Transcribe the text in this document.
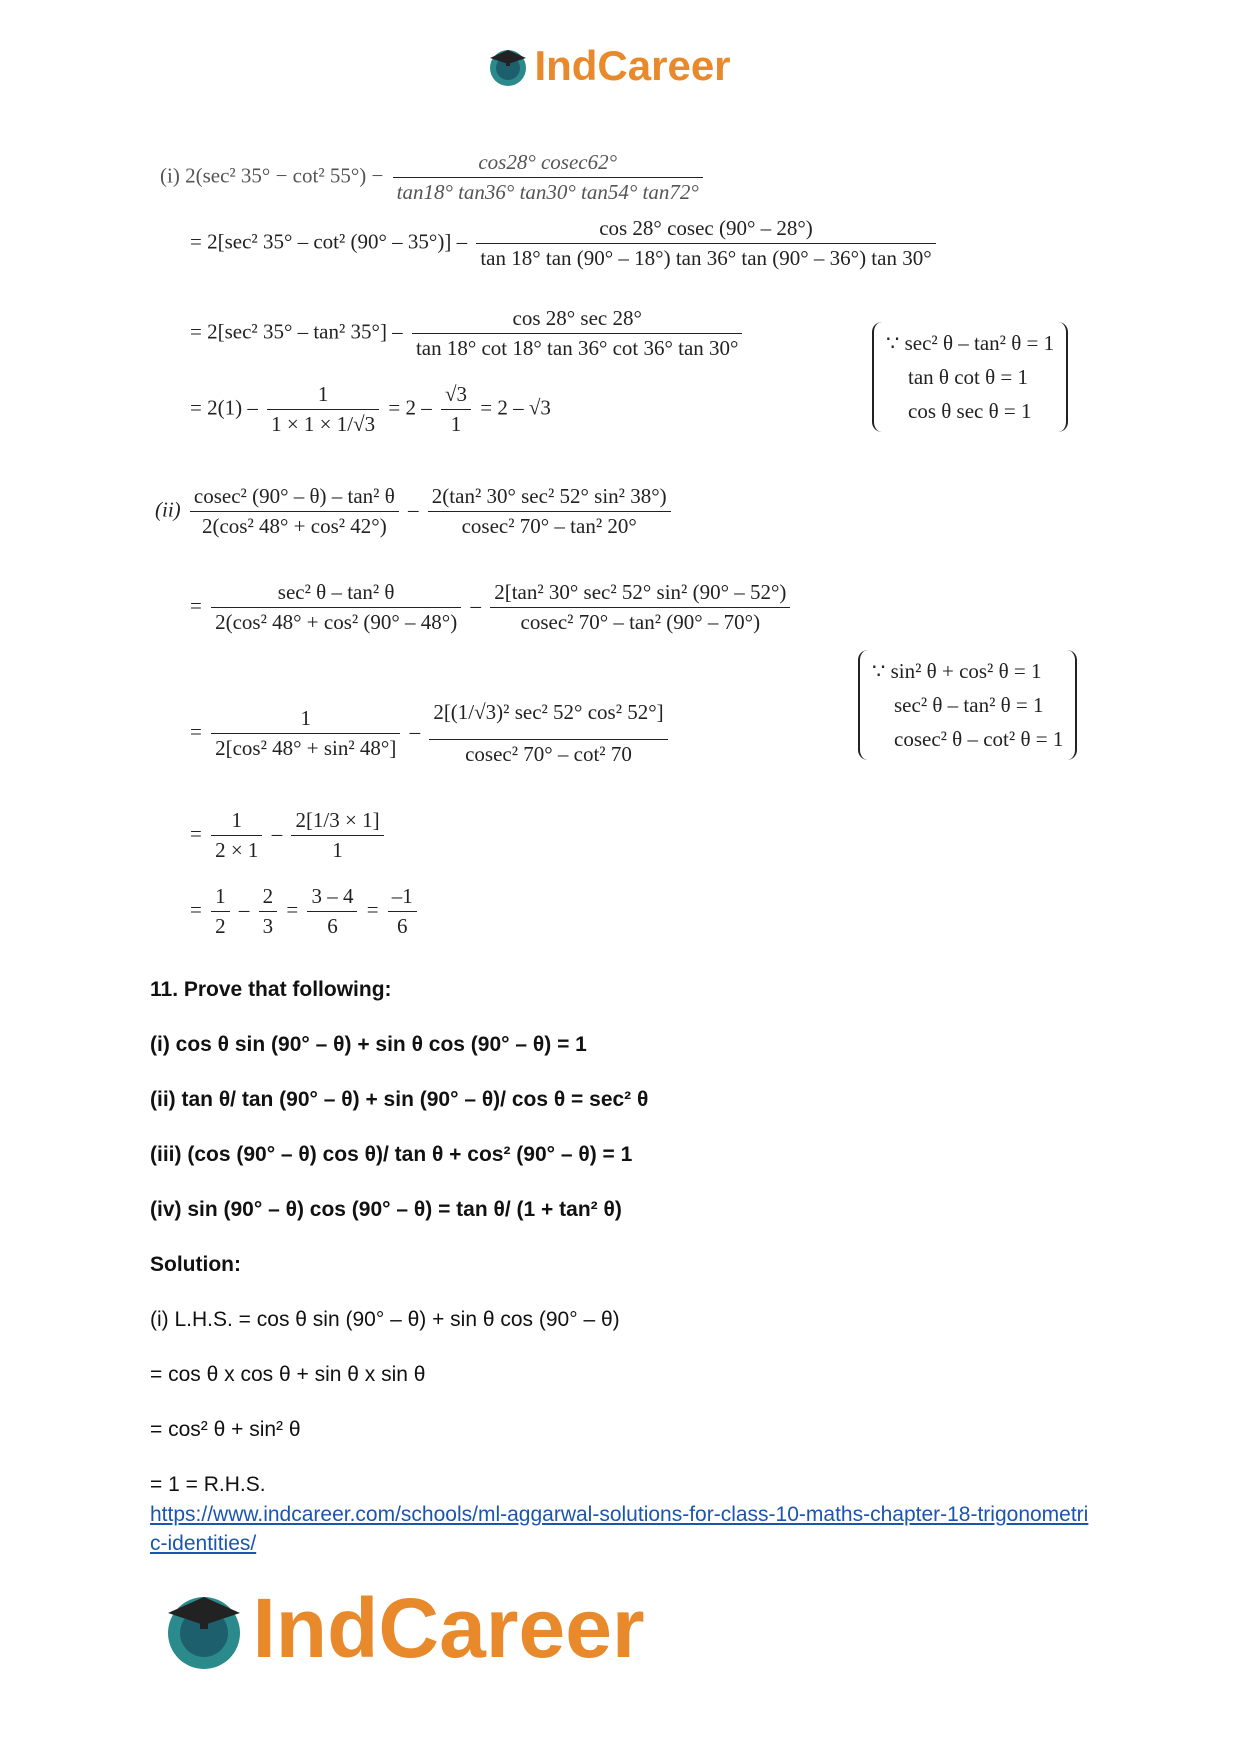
IndCareer
(i) 2(sec² 35° − cot² $55^\circ) - \frac{\cos 28^\circ cosec62^\circ}{\tan 18^\circ \tan 36^\circ \tan 30^\circ \tan 54^\circ \tan 72^\circ}$
= 2[sec² 35° – cot² $(90^\circ - 35^\circ)] - \frac{\cos 28^\circ cosec (90^\circ - 28^\circ)}{\tan 18^\circ \tan (90^\circ - 18^\circ) \tan 36^\circ \tan (90^\circ - 36^\circ) \tan 30^\circ}$
= 2[sec² 35° – tan² $35^\circ] - \frac{\cos 28^\circ \sec 28^\circ}{\tan 18^\circ \cot 18^\circ \tan 36^\circ \cot 36^\circ \tan 30^\circ}$
= $2(1) - \frac{1}{1 \times 1 \times 1/√3} = 2 - \frac{√3}{1} = 2 - √3$
∵ sec² θ – tan² θ = 1
tan θ cot θ = 1
cos θ sec θ = 1
$(ii) \frac{\text{cosec² (90° – θ) – tan² θ}}{\text{2(cos² 48° + cos² 42°)}} - \frac{\text{2(tan² 30° sec² 52° sin² 38°)}}{\text{cosec² 70° – tan² 20°}}$
= $\frac{\text{sec² θ – tan² θ}}{\text{2(cos² 48° + cos² (90° – 48°)}} - \frac{\text{2[tan² 30° sec² 52° sin² (90° – 52°)}}{\text{cosec² 70° – tan² (90° – 70°)}}$
= $\frac{1}{\text{2[cos² 48° + sin² 48°]}} - \frac{\text{2[(1/√3)² sec² 52° cos² 52°]}}{\text{cosec² 70° – cot² 70}}$
∵ sin² θ + cos² θ = 1
sec² θ – tan² θ = 1
cosec² θ – cot² θ = 1
= $\frac{1}{2 \times 1} - \frac{2[1/3 \times 1]}{1}$
= $\frac{1}{2} - \frac{2}{3} = \frac{3 - 4}{6} = \frac{-1}{6}$
11. Prove that following:
(i) cos θ sin (90° – θ) + sin θ cos (90° – θ) = 1
(ii) tan θ/ tan (90° – θ) + sin (90° – θ)/ cos θ = sec² θ
(iii) (cos (90° – θ) cos θ)/ tan θ + cos² (90° – θ) = 1
(iv) sin (90° – θ) cos (90° – θ) = tan θ/ (1 + tan² θ)
Solution:
(i) L.H.S. = cos θ sin (90° – θ) + sin θ cos (90° – θ)
= cos θ x cos θ + sin θ x sin θ
= cos² θ + sin² θ
= 1 = R.H.S.
https://www.indcareer.com/schools/ml-aggarwal-solutions-for-class-10-maths-chapter-18-trigonometric-identities/
IndCareer
